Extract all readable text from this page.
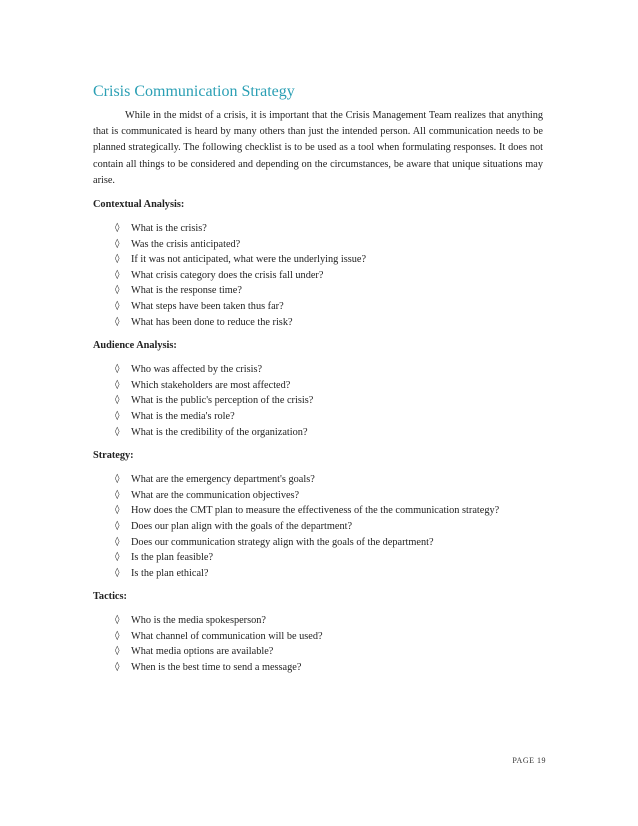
Crisis Communication Strategy

While in the midst of a crisis, it is important that the Crisis Management Team realizes that anything that is communicated is heard by many others than just the intended person. All communication needs to be planned strategically. The following checklist is to be used as a tool when formulating responses. It does not contain all things to be considered and depending on the circumstances, be aware that unique situations may arise.

Contextual Analysis:
◊	What is the crisis?
◊	Was the crisis anticipated?
◊	If it was not anticipated, what were the underlying issue?
◊	What crisis category does the crisis fall under?
◊	What is the response time?
◊	What steps have been taken thus far?
◊	What has been done to reduce the risk?
Audience Analysis:
◊	Who was affected by the crisis?
◊	Which stakeholders are most affected?
◊	What is the public's perception of the crisis?
◊	What is the media's role?
◊	What is the credibility of the organization?
Strategy:
◊	What are the emergency department's goals?
◊	What are the communication objectives?
◊	How does the CMT plan to measure the effectiveness of the the communication strategy?
◊	Does our plan align with the goals of the department?
◊	Does our communication strategy align with the goals of the department?
◊	Is the plan feasible?
◊	Is the plan ethical?
Tactics:
◊	Who is the media spokesperson?
◊	What channel of communication will be used?
◊	What media options are available?
◊	When is the best time to send a message?
PAGE 19
